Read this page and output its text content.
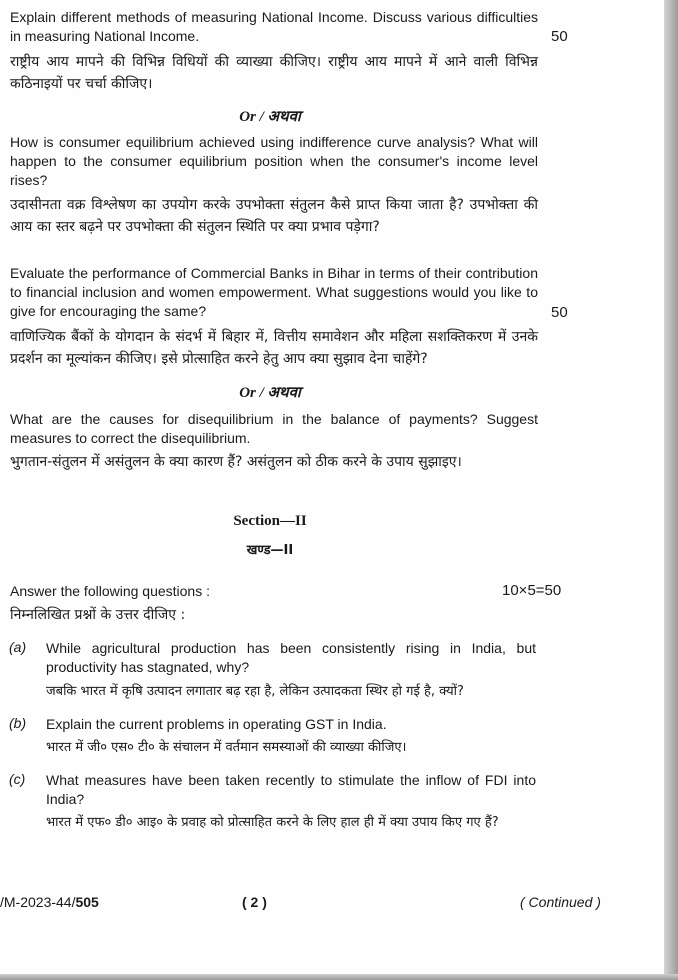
Explain different methods of measuring National Income. Discuss various difficulties in measuring National Income.	50
राष्ट्रीय आय मापने की विभिन्न विधियों की व्याख्या कीजिए। राष्ट्रीय आय मापने में आने वाली विभिन्न कठिनाइयों पर चर्चा कीजिए।
Or / अथवा
How is consumer equilibrium achieved using indifference curve analysis? What will happen to the consumer equilibrium position when the consumer's income level rises?
उदासीनता वक्र विश्लेषण का उपयोग करके उपभोक्ता संतुलन कैसे प्राप्त किया जाता है? उपभोक्ता की आय का स्तर बढ़ने पर उपभोक्ता की संतुलन स्थिति पर क्या प्रभाव पड़ेगा?
Evaluate the performance of Commercial Banks in Bihar in terms of their contribution to financial inclusion and women empowerment. What suggestions would you like to give for encouraging the same?	50
वाणिज्यिक बैंकों के योगदान के संदर्भ में बिहार में, वित्तीय समावेशन और महिला सशक्तिकरण में उनके प्रदर्शन का मूल्यांकन कीजिए। इसे प्रोत्साहित करने हेतु आप क्या सुझाव देना चाहेंगे?
Or / अथवा
What are the causes for disequilibrium in the balance of payments? Suggest measures to correct the disequilibrium.
भुगतान-संतुलन में असंतुलन के क्या कारण हैं? असंतुलन को ठीक करने के उपाय सुझाइए।
Section—II
खण्ड—II
Answer the following questions :	10×5=50
निम्नलिखित प्रश्नों के उत्तर दीजिए :
(a) While agricultural production has been consistently rising in India, but productivity has stagnated, why?
जबकि भारत में कृषि उत्पादन लगातार बढ़ रहा है, लेकिन उत्पादकता स्थिर हो गई है, क्यों?
(b) Explain the current problems in operating GST in India.
भारत में जी० एस० टी० के संचालन में वर्तमान समस्याओं की व्याख्या कीजिए।
(c) What measures have been taken recently to stimulate the inflow of FDI into India?
भारत में एफ० डी० आइ० के प्रवाह को प्रोत्साहित करने के लिए हाल ही में क्या उपाय किए गए हैं?
/M-2023-44/505	( 2 )	( Continued )
